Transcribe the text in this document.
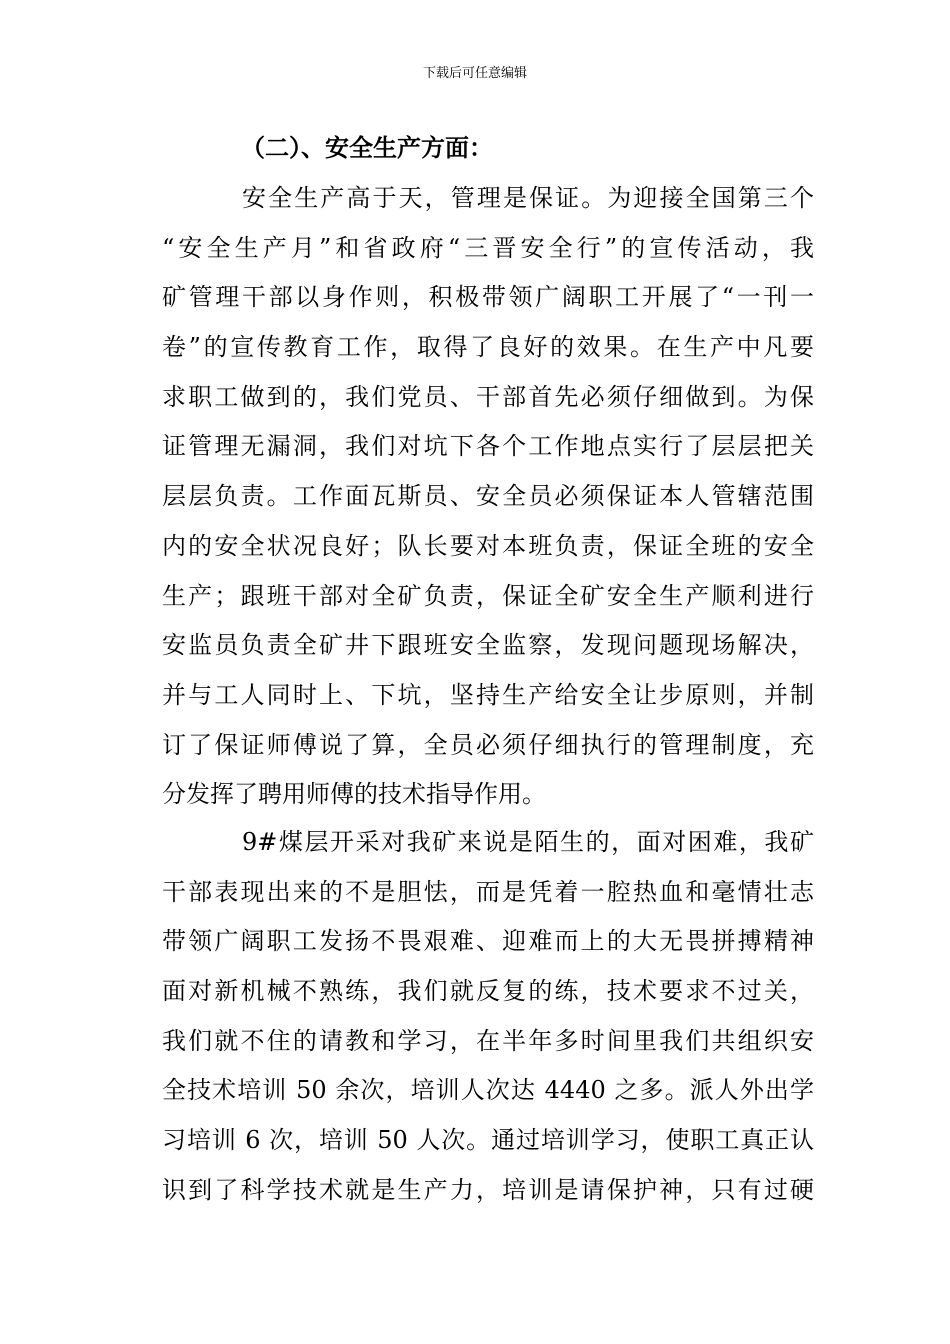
下载后可任意编辑
（二）、安全生产方面：
安全生产高于天，管理是保证。为迎接全国第三个
“安全生产月”和省政府“三晋安全行”的宣传活动，我
矿管理干部以身作则，积极带领广阔职工开展了“一刊一
卷”的宣传教育工作，取得了良好的效果。在生产中凡要
求职工做到的，我们党员、干部首先必须仔细做到。为保
证管理无漏洞，我们对坑下各个工作地点实行了层层把关
层层负责。工作面瓦斯员、安全员必须保证本人管辖范围
内的安全状况良好；队长要对本班负责，保证全班的安全
生产；跟班干部对全矿负责，保证全矿安全生产顺利进行
安监员负责全矿井下跟班安全监察，发现问题现场解决，
并与工人同时上、下坑，坚持生产给安全让步原则，并制
订了保证师傅说了算，全员必须仔细执行的管理制度，充
分发挥了聘用师傅的技术指导作用。
9#煤层开采对我矿来说是陌生的，面对困难，我矿
干部表现出来的不是胆怯，而是凭着一腔热血和毫情壮志
带领广阔职工发扬不畏艰难、迎难而上的大无畏拼搏精神
面对新机械不熟练，我们就反复的练，技术要求不过关，
我们就不住的请教和学习，在半年多时间里我们共组织安
全技术培训 50 余次，培训人次达 4440 之多。派人外出学
习培训 6 次，培训 50 人次。通过培训学习，使职工真正认
识到了科学技术就是生产力，培训是请保护神，只有过硬
